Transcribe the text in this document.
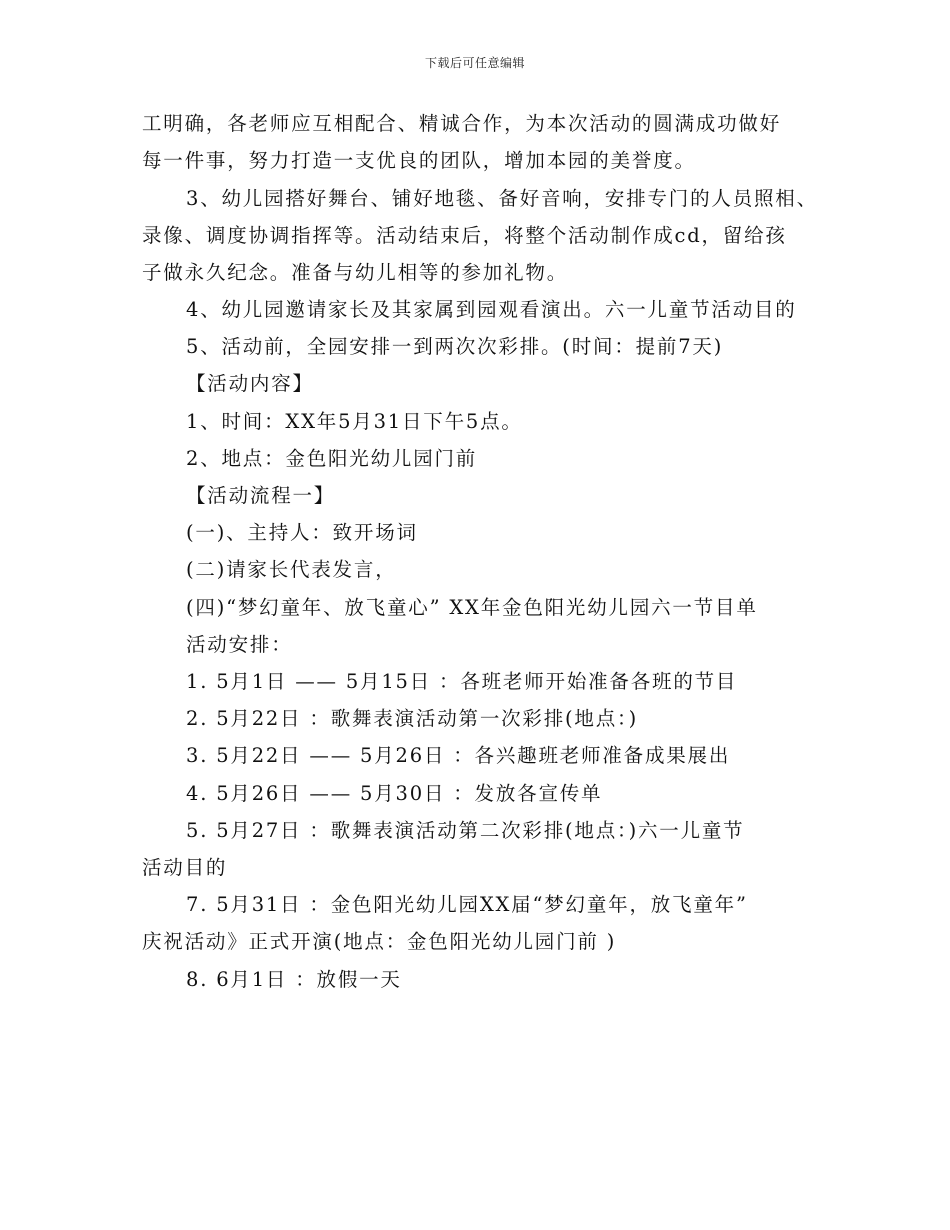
下载后可任意编辑
工明确，各老师应互相配合、精诚合作，为本次活动的圆满成功做好
每一件事，努力打造一支优良的团队，增加本园的美誉度。
3、幼儿园搭好舞台、铺好地毯、备好音响，安排专门的人员照相、
录像、调度协调指挥等。活动结束后，将整个活动制作成cd，留给孩
子做永久纪念。准备与幼儿相等的参加礼物。
4、幼儿园邀请家长及其家属到园观看演出。六一儿童节活动目的
5、活动前，全园安排一到两次次彩排。(时间：提前7天)
【活动内容】
1、时间：XX年5月31日下午5点。
2、地点：金色阳光幼儿园门前
【活动流程一】
(一)、主持人：致开场词
(二)请家长代表发言，
(四)“梦幻童年、放飞童心” XX年金色阳光幼儿园六一节目单
活动安排：
1. 5月1日 —— 5月15日 ：各班老师开始准备各班的节目
2. 5月22日 ：歌舞表演活动第一次彩排(地点：)
3. 5月22日 —— 5月26日 ：各兴趣班老师准备成果展出
4. 5月26日 —— 5月30日 ：发放各宣传单
5. 5月27日 ：歌舞表演活动第二次彩排(地点：)六一儿童节
活动目的
7. 5月31日 ：金色阳光幼儿园XX届“梦幻童年，放飞童年”
庆祝活动》正式开演(地点：金色阳光幼儿园门前 )
8. 6月1日 ：放假一天
